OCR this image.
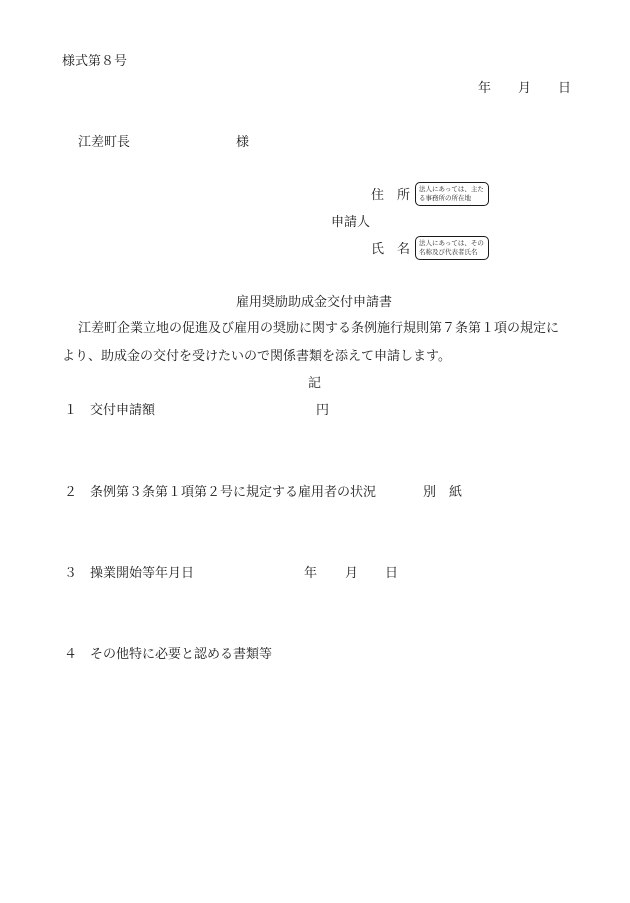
様式第８号
年 月 日
江差町長	様
住　所 法人にあっては、主た
る事務所の所在地
申請人
氏　名 法人にあっては、その
名称及び代表者氏名
雇用奨励助成金交付申請書
江差町企業立地の促進及び雇用の奨励に関する条例施行規則第７条第１項の規定に
より、助成金の交付を受けたいので関係書類を添えて申請します。
記
１ 交付申請額	円
２ 条例第３条第１項第２号に規定する雇用者の状況	別　紙
３ 操業開始等年月日	年 月 日
４ その他特に必要と認める書類等
